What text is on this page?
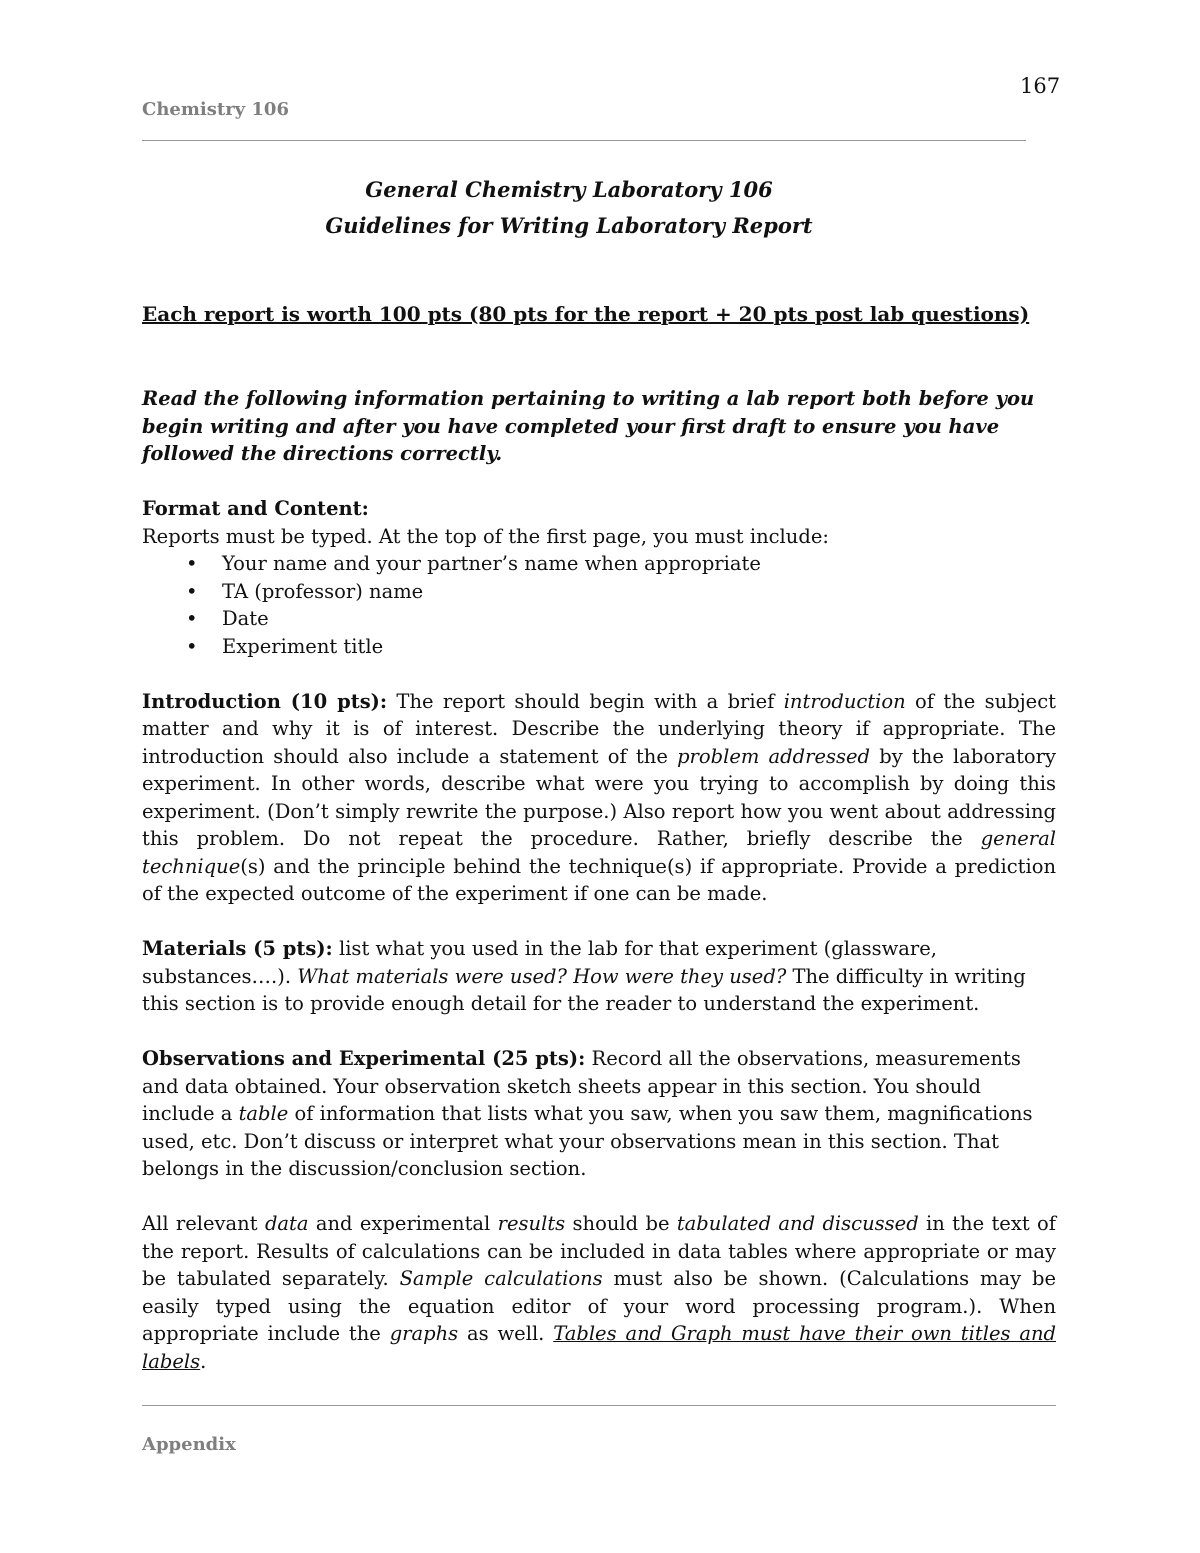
167
Chemistry 106
General Chemistry Laboratory 106
Guidelines for Writing Laboratory Report
Each report is worth 100 pts (80 pts for the report + 20 pts post lab questions)

Read the following information pertaining to writing a lab report both before you begin writing and after you have completed your first draft to ensure you have followed the directions correctly.

Format and Content:

Reports must be typed. At the top of the first page, you must include:

• Your name and your partner’s name when appropriate
• TA (professor) name
• Date
• Experiment title

Introduction (10 pts): The report should begin with a brief introduction of the subject matter and why it is of interest. Describe the underlying theory if appropriate. The introduction should also include a statement of the problem addressed by the laboratory experiment. In other words, describe what were you trying to accomplish by doing this experiment. (Don’t simply rewrite the purpose.) Also report how you went about addressing this problem. Do not repeat the procedure. Rather, briefly describe the general technique(s) and the principle behind the technique(s) if appropriate. Provide a prediction of the expected outcome of the experiment if one can be made.

Materials (5 pts): list what you used in the lab for that experiment (glassware, substances….). What materials were used? How were they used? The difficulty in writing this section is to provide enough detail for the reader to understand the experiment.

Observations and Experimental (25 pts): Record all the observations, measurements and data obtained. Your observation sketch sheets appear in this section. You should include a table of information that lists what you saw, when you saw them, magnifications used, etc. Don’t discuss or interpret what your observations mean in this section. That belongs in the discussion/conclusion section.

All relevant data and experimental results should be tabulated and discussed in the text of the report. Results of calculations can be included in data tables where appropriate or may be tabulated separately. Sample calculations must also be shown. (Calculations may be easily typed using the equation editor of your word processing program.). When appropriate include the graphs as well. Tables and Graph must have their own titles and labels.

Appendix
